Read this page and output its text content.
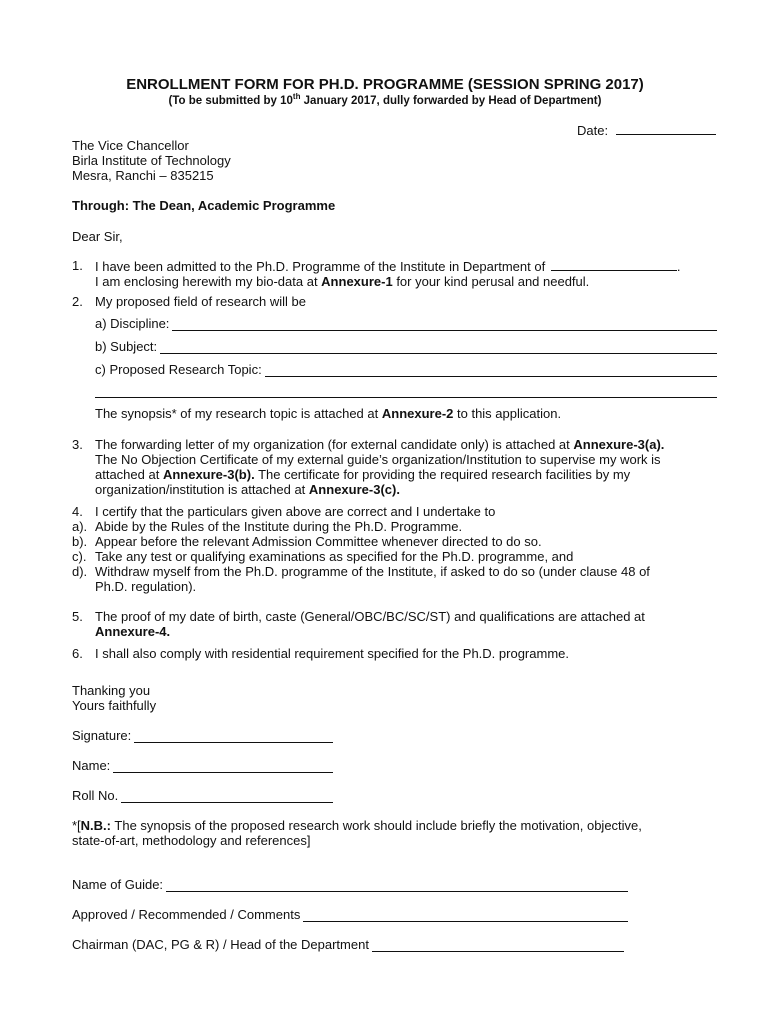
ENROLLMENT FORM FOR PH.D. PROGRAMME (SESSION SPRING 2017)
(To be submitted by 10th January 2017, dully forwarded by Head of Department)
Date:
The Vice Chancellor
Birla Institute of Technology
Mesra, Ranchi – 835215
Through: The Dean, Academic Programme
Dear Sir,
1. I have been admitted to the Ph.D. Programme of the Institute in Department of	.
I am enclosing herewith my bio-data at Annexure-1 for your kind perusal and needful.
2. My proposed field of research will be
a) Discipline:
b) Subject:
c) Proposed Research Topic:
The synopsis* of my research topic is attached at Annexure-2 to this application.
3. The forwarding letter of my organization (for external candidate only) is attached at Annexure-3(a).
The No Objection Certificate of my external guide’s organization/Institution to supervise my work is
attached at Annexure-3(b). The certificate for providing the required research facilities by my
organization/institution is attached at Annexure-3(c).
4. I certify that the particulars given above are correct and I undertake to
a). Abide by the Rules of the Institute during the Ph.D. Programme.
b). Appear before the relevant Admission Committee whenever directed to do so.
c). Take any test or qualifying examinations as specified for the Ph.D. programme, and
d). Withdraw myself from the Ph.D. programme of the Institute, if asked to do so (under clause 48 of
Ph.D. regulation).
5. The proof of my date of birth, caste (General/OBC/BC/SC/ST) and qualifications are attached at
Annexure-4.
6. I shall also comply with residential requirement specified for the Ph.D. programme.
Thanking you
Yours faithfully
Signature:
Name:
Roll No.
*[N.B.: The synopsis of the proposed research work should include briefly the motivation, objective,
state-of-art, methodology and references]
Name of Guide:
Approved / Recommended / Comments
Chairman (DAC, PG & R) / Head of the Department
